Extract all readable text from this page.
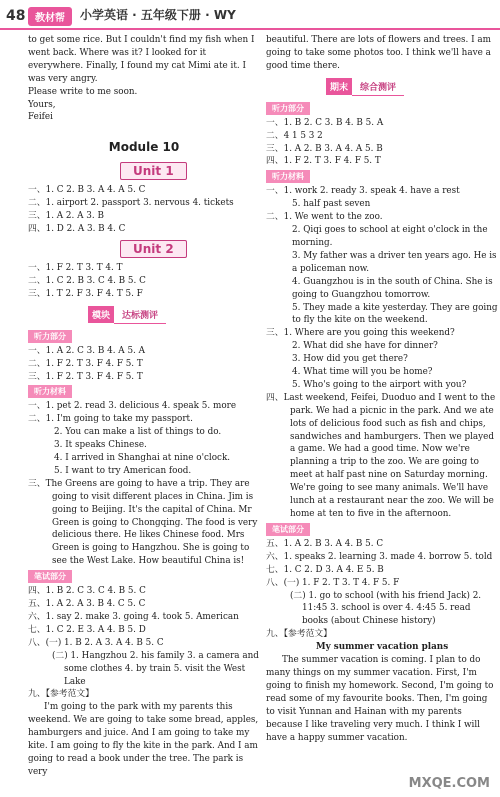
48 教材帮	小学英语 · 五年级下册 · WY

to get some rice. But I couldn't find my fish when I

went back. Where was it? I looked for it

everywhere. Finally, I found my cat Mimi ate it. I

was very angry.

Please write to me soon.

Yours,

Feifei

Module 10
Unit 1

一、1. C 2. B 3. A 4. A 5. C

二、1. airport 2. passport 3. nervous 4. tickets

三、1. A 2. A 3. B

四、1. D 2. A 3. B 4. C

Unit 2

一、1. F 2. T 3. T 4. T

二、1. C 2. B 3. C 4. B 5. C

三、1. T 2. F 3. F 4. T 5. F

模块 达标测评
听力部分

一、1. A 2. C 3. B 4. A 5. A

二、1. F 2. T 3. F 4. F 5. T

三、1. F 2. T 3. F 4. F 5. T

听力材料

一、1. pet 2. read 3. delicious 4. speak 5. more

二、1. I'm going to take my passport.

2. You can make a list of things to do.

3. It speaks Chinese.

4. I arrived in Shanghai at nine o'clock.

5. I want to try American food.

三、The Greens are going to have a trip. They are going to visit different places in China. Jim is going to Beijing. It's the capital of China. Mr Green is going to Chongqing. The food is very delicious there. He likes Chinese food. Mrs Green is going to Hangzhou. She is going to see the West Lake. How beautiful China is!

笔试部分

四、1. B 2. C 3. C 4. B 5. C

五、1. A 2. A 3. B 4. C 5. C

六、1. say 2. make 3. going 4. took 5. American

七、1. C 2. E 3. A 4. B 5. D

八、(一) 1. B 2. A 3. A 4. B 5. C

(二) 1. Hangzhou 2. his family 3. a camera and some clothes 4. by train 5. visit the West Lake

九、【参考范文】

I'm going to the park with my parents this weekend. We are going to take some bread, apples, hamburgers and juice. And I am going to take my kite. I am going to fly the kite in the park. And I am going to read a book under the tree. The park is very

beautiful. There are lots of flowers and trees. I am going to take some photos too. I think we'll have a good time there.

期末 综合测评
听力部分

一、1. B 2. C 3. B 4. B 5. A

二、4 1 5 3 2

三、1. A 2. B 3. A 4. A 5. B

四、1. F 2. T 3. F 4. F 5. T

听力材料

一、1. work 2. ready 3. speak 4. have a rest

5. half past seven

二、1. We went to the zoo.

2. Qiqi goes to school at eight o'clock in the morning.

3. My father was a driver ten years ago. He is a policeman now.

4. Guangzhou is in the south of China. She is going to Guangzhou tomorrow.

5. They made a kite yesterday. They are going to fly the kite on the weekend.

三、1. Where are you going this weekend?

2. What did she have for dinner?

3. How did you get there?

4. What time will you be home?

5. Who's going to the airport with you?

四、Last weekend, Feifei, Duoduo and I went to the park. We had a picnic in the park. And we ate lots of delicious food such as fish and chips, sandwiches and hamburgers. Then we played a game. We had a good time. Now we're planning a trip to the zoo. We are going to meet at half past nine on Saturday morning. We're going to see many animals. We'll have lunch at a restaurant near the zoo. We will be home at ten to five in the afternoon.

笔试部分

五、1. A 2. B 3. A 4. B 5. C

六、1. speaks 2. learning 3. made 4. borrow 5. told

七、1. C 2. D 3. A 4. E 5. B

八、(一) 1. F 2. T 3. T 4. F 5. F

(二) 1. go to school (with his friend Jack) 2. 11:45 3. school is over 4. 4:45 5. read books (about Chinese history)

九、【参考范文】

My summer vacation plans

The summer vacation is coming. I plan to do many things on my summer vacation. First, I'm going to finish my homework. Second, I'm going to read some of my favourite books. Then, I'm going to visit Yunnan and Hainan with my parents because I like traveling very much. I think I will have a happy summer vacation.

MXQE.COM
